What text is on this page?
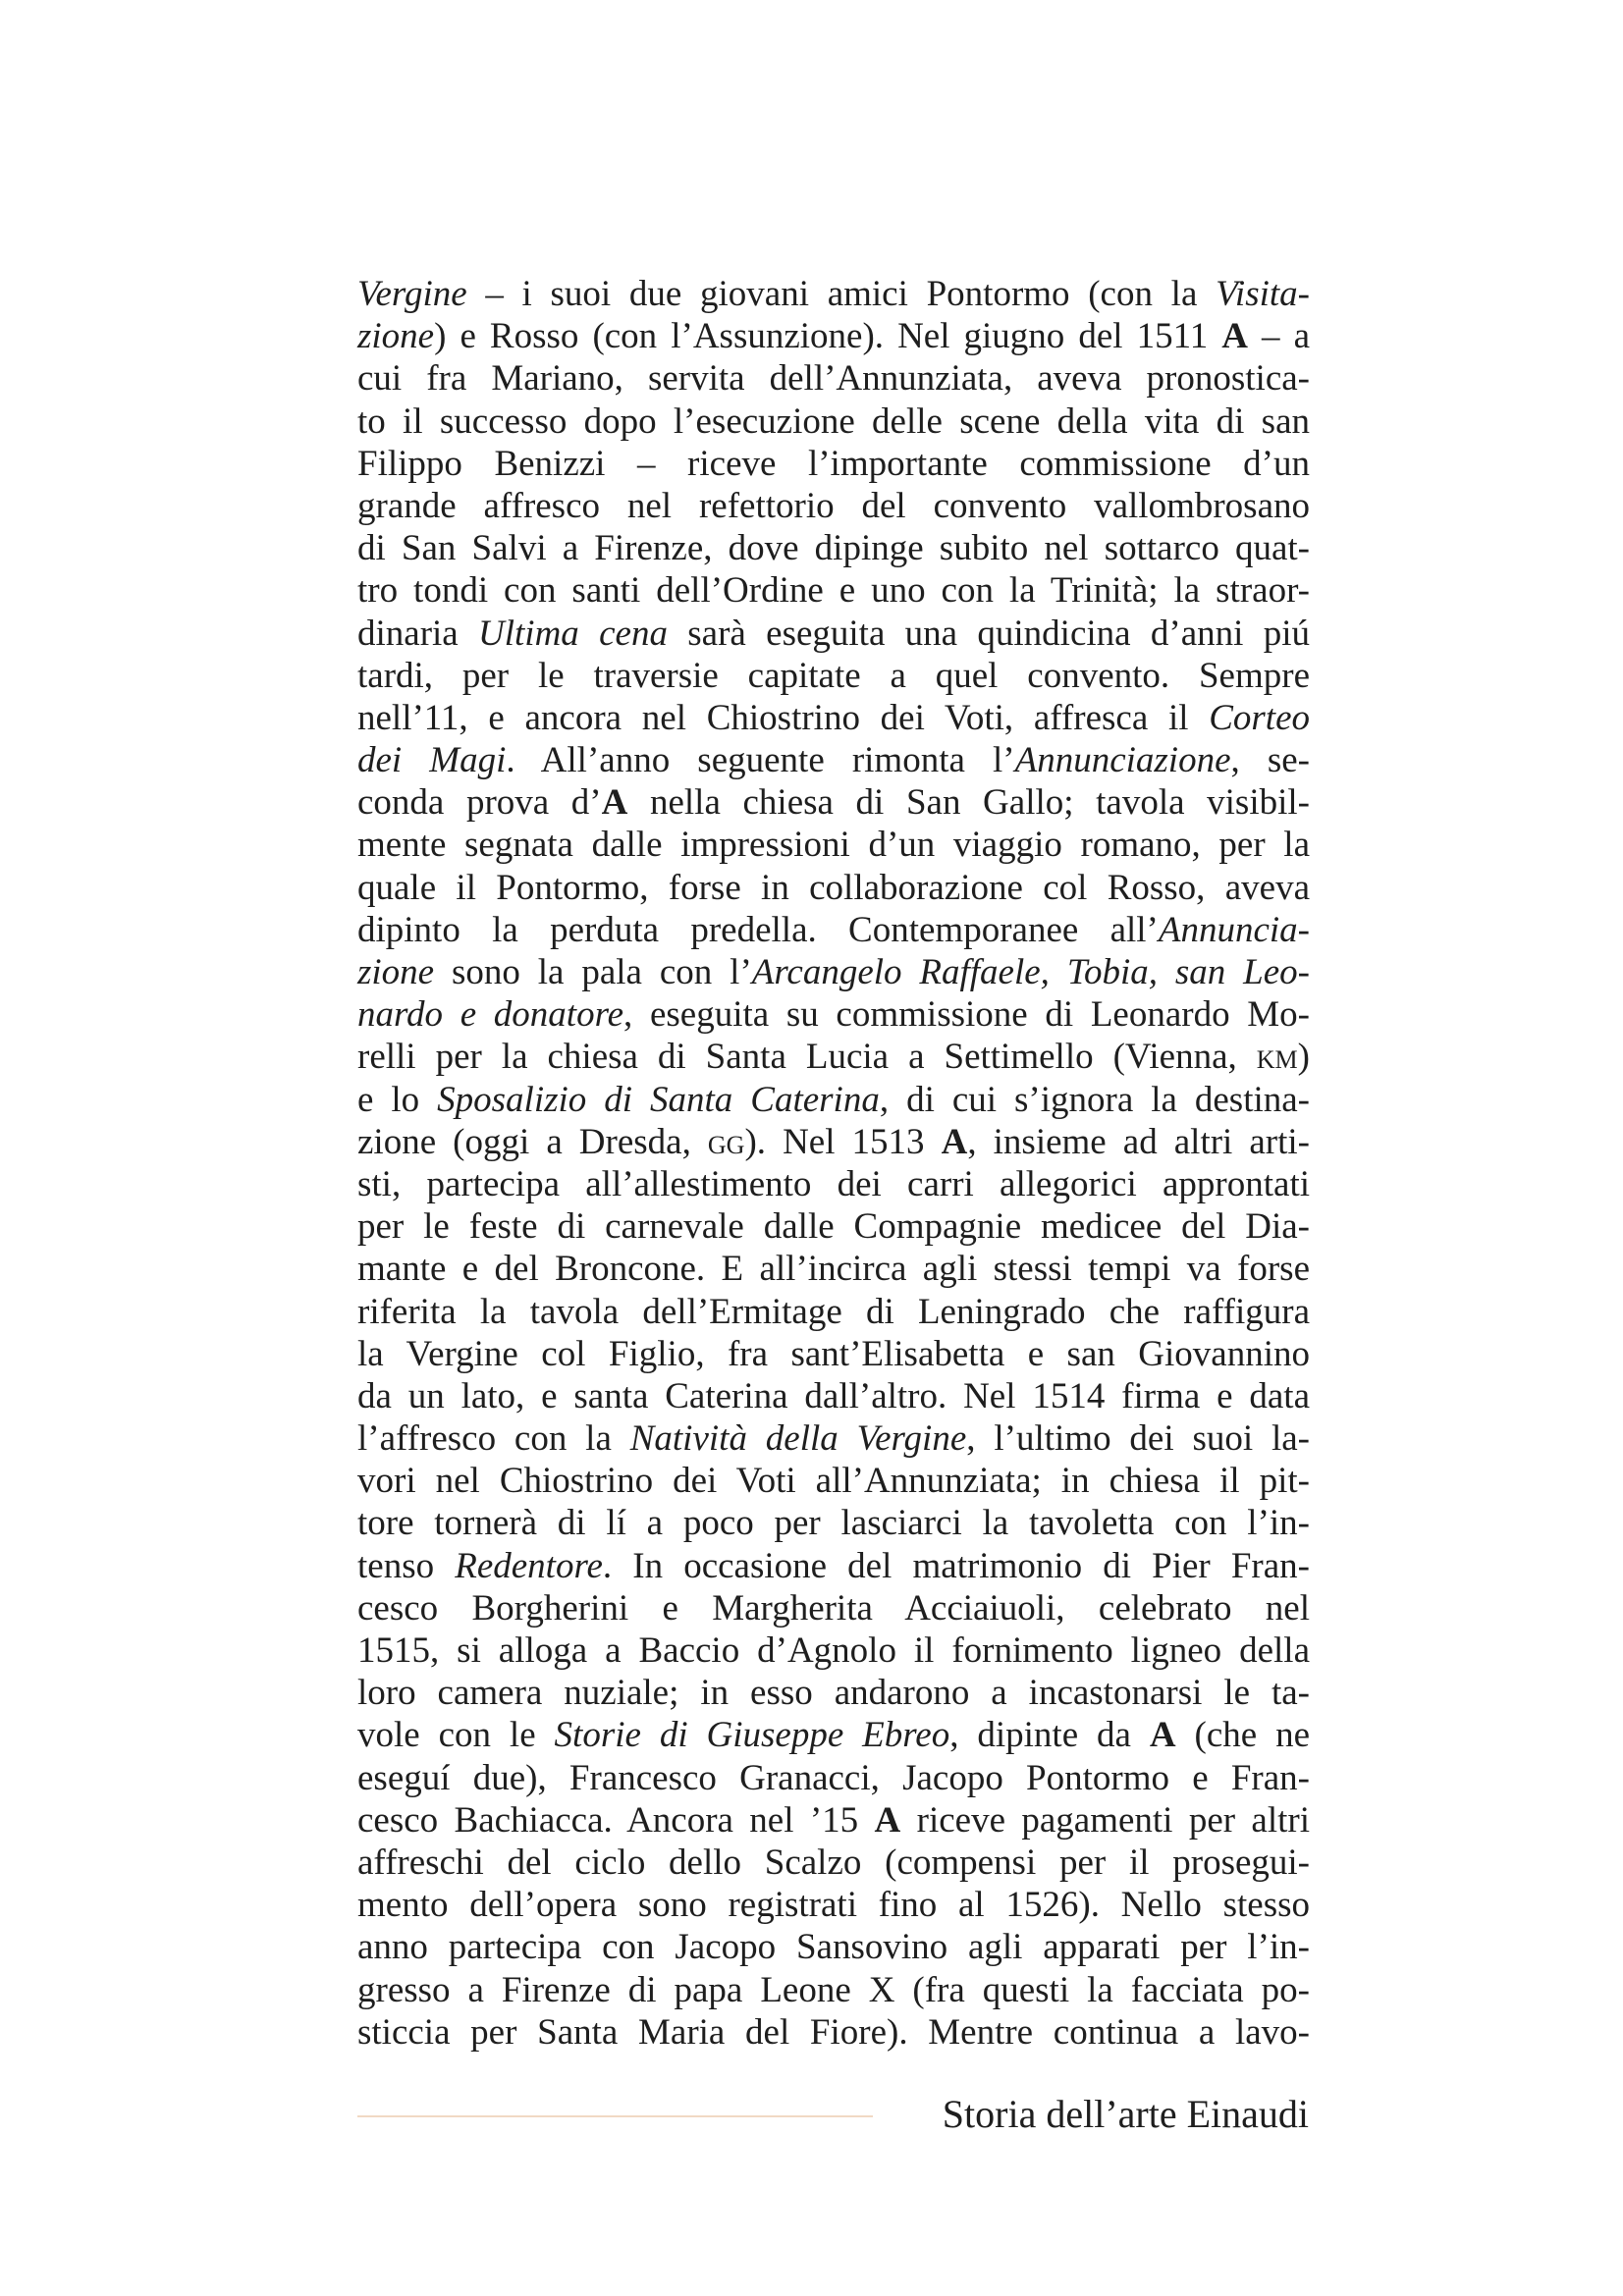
Vergine – i suoi due giovani amici Pontormo (con la Visita-
zione) e Rosso (con l’Assunzione). Nel giugno del 1511 A – a
cui fra Mariano, servita dell’Annunziata, aveva pronostica-
to il successo dopo l’esecuzione delle scene della vita di san
Filippo Benizzi – riceve l’importante commissione d’un
grande affresco nel refettorio del convento vallombrosano
di San Salvi a Firenze, dove dipinge subito nel sottarco quat-
tro tondi con santi dell’Ordine e uno con la Trinità; la straor-
dinaria Ultima cena sarà eseguita una quindicina d’anni piú
tardi, per le traversie capitate a quel convento. Sempre
nell’11, e ancora nel Chiostrino dei Voti, affresca il Corteo
dei Magi. All’anno seguente rimonta l’Annunciazione, se-
conda prova d’A nella chiesa di San Gallo; tavola visibil-
mente segnata dalle impressioni d’un viaggio romano, per la
quale il Pontormo, forse in collaborazione col Rosso, aveva
dipinto la perduta predella. Contemporanee all’Annuncia-
zione sono la pala con l’Arcangelo Raffaele, Tobia, san Leo-
nardo e donatore, eseguita su commissione di Leonardo Mo-
relli per la chiesa di Santa Lucia a Settimello (Vienna, km)
e lo Sposalizio di Santa Caterina, di cui s’ignora la destina-
zione (oggi a Dresda, gg). Nel 1513 A, insieme ad altri arti-
sti, partecipa all’allestimento dei carri allegorici approntati
per le feste di carnevale dalle Compagnie medicee del Dia-
mante e del Broncone. E all’incirca agli stessi tempi va forse
riferita la tavola dell’Ermitage di Leningrado che raffigura
la Vergine col Figlio, fra sant’Elisabetta e san Giovannino
da un lato, e santa Caterina dall’altro. Nel 1514 firma e data
l’affresco con la Natività della Vergine, l’ultimo dei suoi la-
vori nel Chiostrino dei Voti all’Annunziata; in chiesa il pit-
tore tornerà di lí a poco per lasciarci la tavoletta con l’in-
tenso Redentore. In occasione del matrimonio di Pier Fran-
cesco Borgherini e Margherita Acciaiuoli, celebrato nel
1515, si alloga a Baccio d’Agnolo il fornimento ligneo della
loro camera nuziale; in esso andarono a incastonarsi le ta-
vole con le Storie di Giuseppe Ebreo, dipinte da A (che ne
eseguí due), Francesco Granacci, Jacopo Pontormo e Fran-
cesco Bachiacca. Ancora nel ’15 A riceve pagamenti per altri
affreschi del ciclo dello Scalzo (compensi per il prosegui-
mento dell’opera sono registrati fino al 1526). Nello stesso
anno partecipa con Jacopo Sansovino agli apparati per l’in-
gresso a Firenze di papa Leone X (fra questi la facciata po-
sticcia per Santa Maria del Fiore). Mentre continua a lavo-
Storia dell’arte Einaudi
